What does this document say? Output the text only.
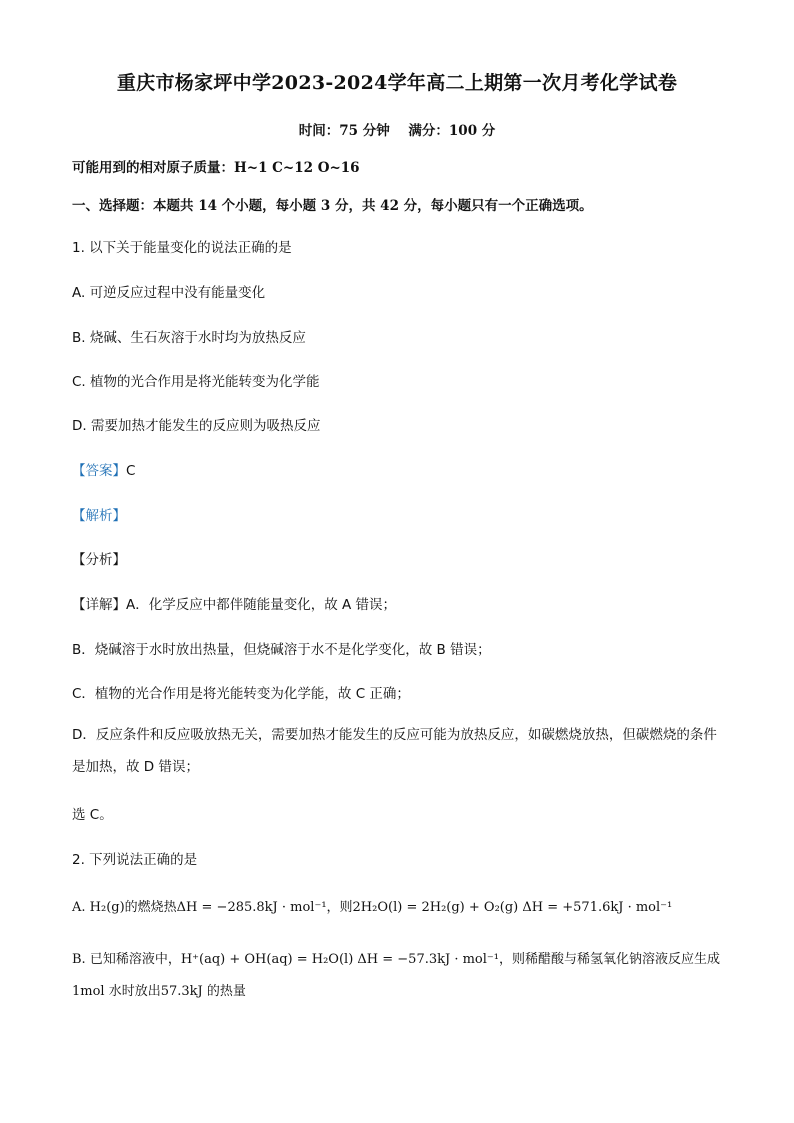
重庆市杨家坪中学2023-2024学年高二上期第一次月考化学试卷
时间：75 分钟 满分：100 分
可能用到的相对原子质量：H~1 C~12 O~16
一、选择题：本题共 14 个小题，每小题 3 分，共 42 分，每小题只有一个正确选项。
1. 以下关于能量变化的说法正确的是
A. 可逆反应过程中没有能量变化
B. 烧碱、生石灰溶于水时均为放热反应
C. 植物的光合作用是将光能转变为化学能
D. 需要加热才能发生的反应则为吸热反应
【答案】C
【解析】
【分析】
【详解】A．化学反应中都伴随能量变化，故 A 错误；
B．烧碱溶于水时放出热量，但烧碱溶于水不是化学变化，故 B 错误；
C．植物的光合作用是将光能转变为化学能，故 C 正确；
D．反应条件和反应吸放热无关，需要加热才能发生的反应可能为放热反应，如碳燃烧放热，但碳燃烧的条件是加热，故 D 错误；
选 C。
2. 下列说法正确的是
A. H₂(g)的燃烧热ΔH = −285.8kJ · mol⁻¹，则2H₂O(l) = 2H₂(g) + O₂(g) ΔH = +571.6kJ · mol⁻¹
B. 已知稀溶液中，H⁺(aq) + OH(aq) = H₂O(l) ΔH = −57.3kJ · mol⁻¹，则稀醋酸与稀氢氧化钠溶液反应生成1mol 水时放出57.3kJ 的热量
